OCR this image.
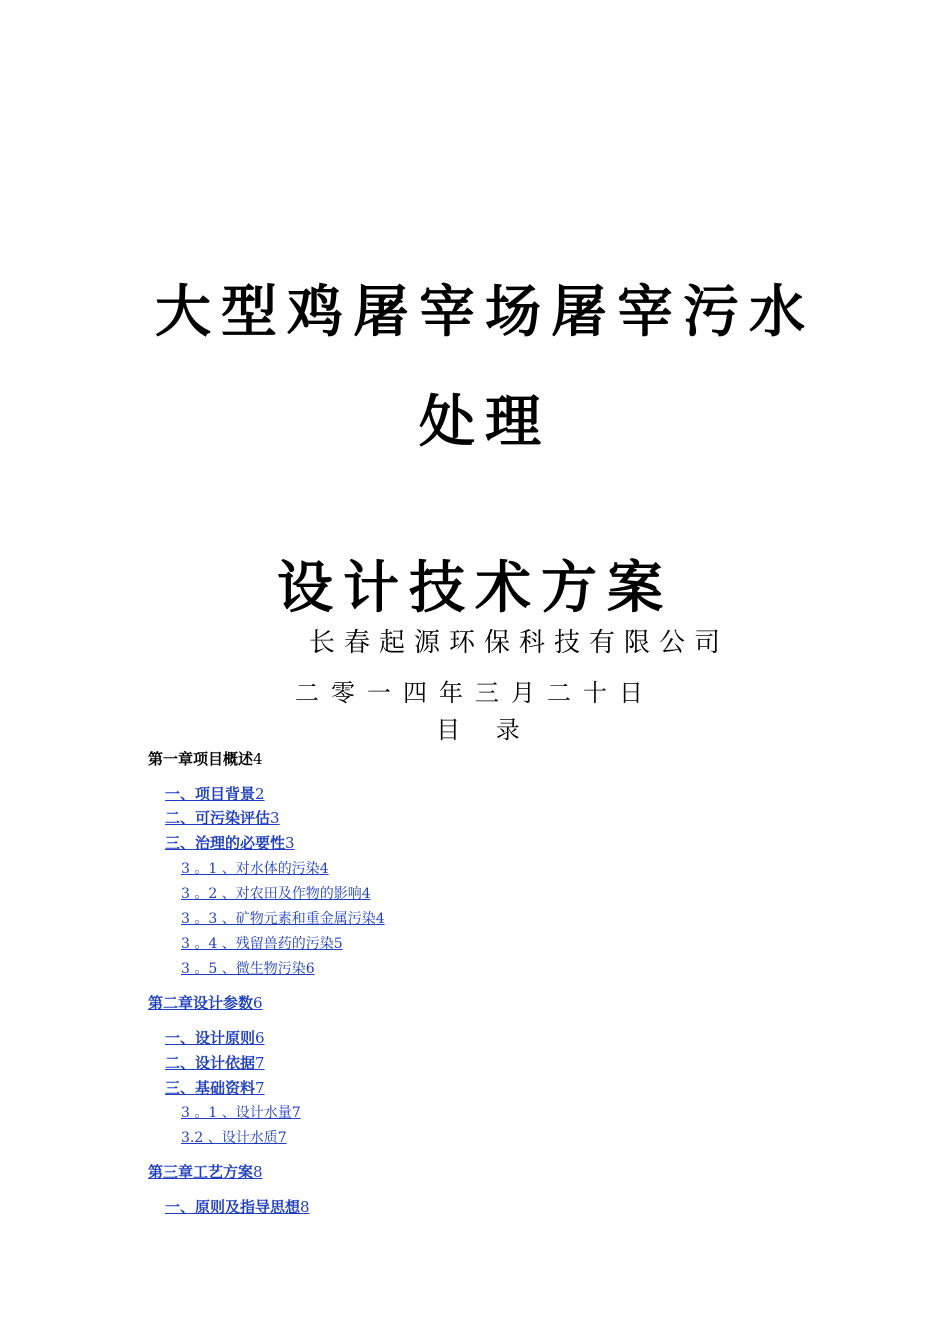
大型鸡屠宰场屠宰污水
处理
设计技术方案
长春起源环保科技有限公司
二零一四年三月二十日
目 录
第一章项目概述4
一、项目背景2
二、可污染评估3
三、治理的必要性3
3 。1 、对水体的污染4
3 。2 、对农田及作物的影响4
3 。3 、矿物元素和重金属污染4
3 。4 、残留兽药的污染5
3 。5 、微生物污染6
第二章设计参数6
一、设计原则6
二、设计依据7
三、基础资料7
3 。1 、设计水量7
3.2 、设计水质7
第三章工艺方案8
一、原则及指导思想8
